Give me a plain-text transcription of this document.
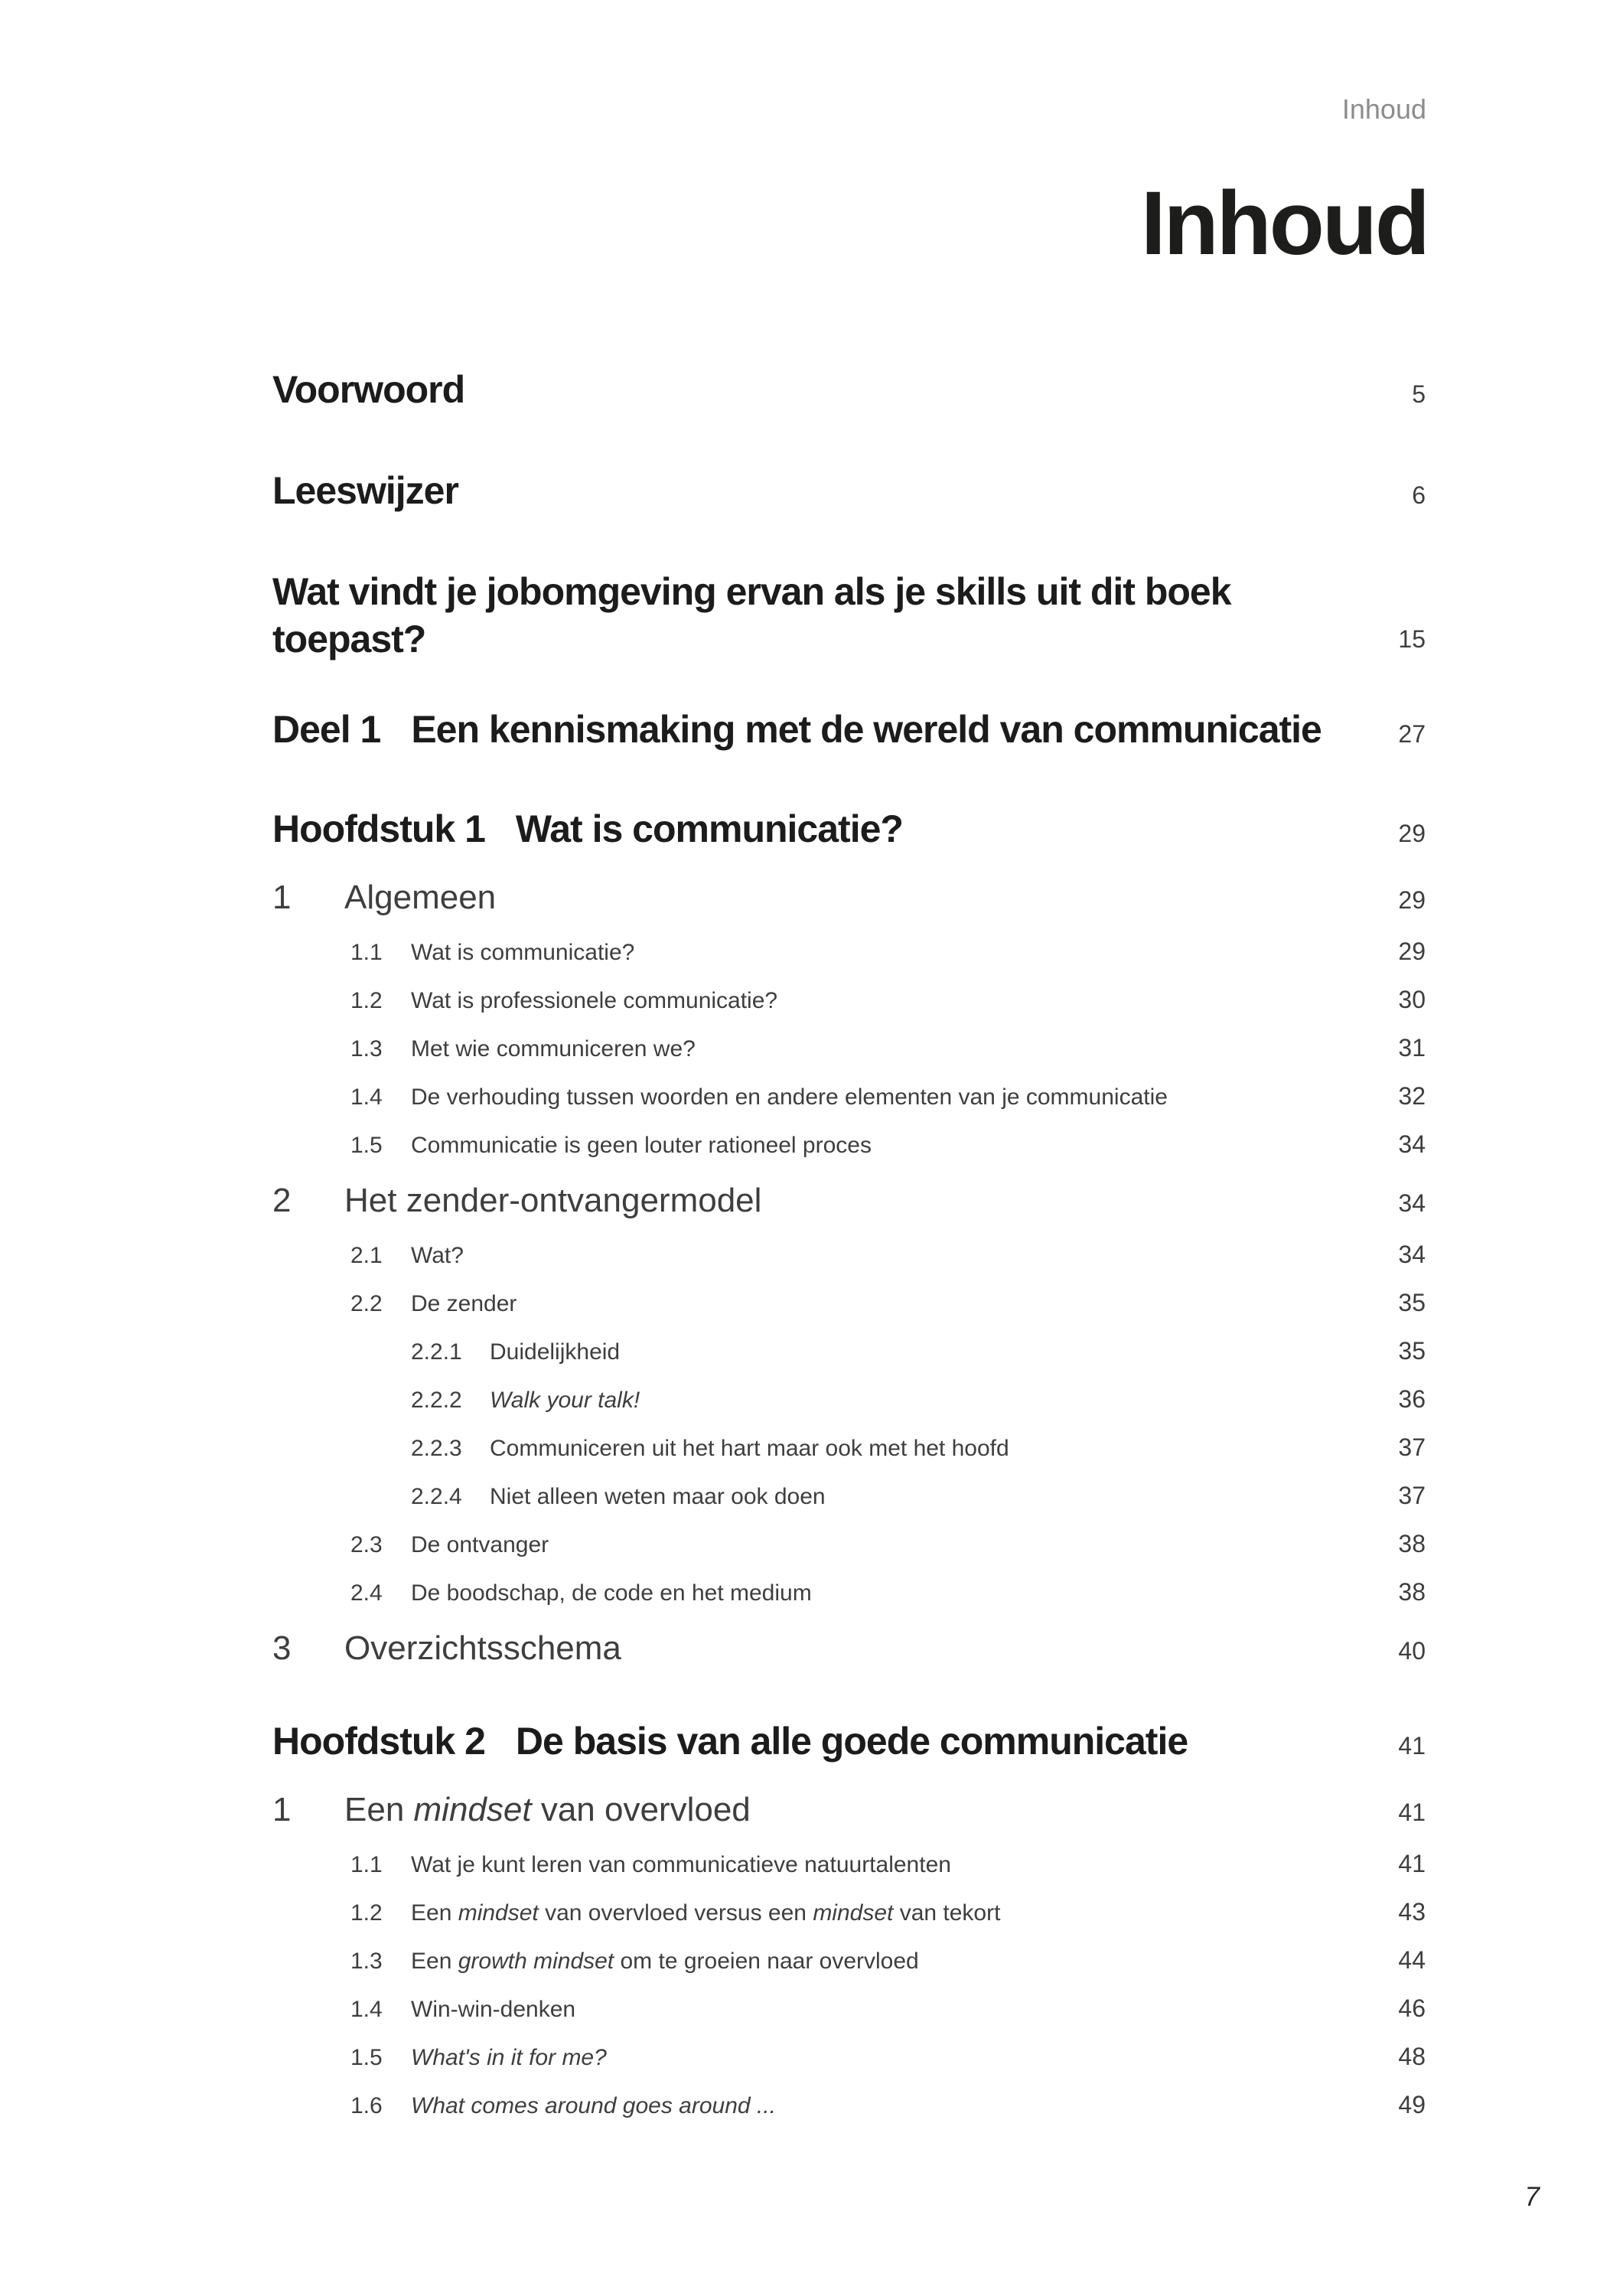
Inhoud
Inhoud
Voorwoord	5
Leeswijzer	6
Wat vindt je jobomgeving ervan als je skills uit dit boek
toepast?	15
Deel 1 Een kennismaking met de wereld van communicatie	27
Hoofdstuk 1 Wat is communicatie?	29
1	Algemeen	29
1.1	Wat is communicatie?	29
1.2	Wat is professionele communicatie?	30
1.3	Met wie communiceren we?	31
1.4	De verhouding tussen woorden en andere elementen van je communicatie	32
1.5	Communicatie is geen louter rationeel proces	34
2	Het zender-ontvangermodel	34
2.1	Wat?	34
2.2	De zender	35
2.2.1	Duidelijkheid	35
2.2.2	Walk your talk!	36
2.2.3	Communiceren uit het hart maar ook met het hoofd	37
2.2.4	Niet alleen weten maar ook doen	37
2.3	De ontvanger	38
2.4	De boodschap, de code en het medium	38
3	Overzichtsschema	40
Hoofdstuk 2 De basis van alle goede communicatie	41
1	Een mindset van overvloed	41
1.1	Wat je kunt leren van communicatieve natuurtalenten	41
1.2	Een mindset van overvloed versus een mindset van tekort	43
1.3	Een growth mindset om te groeien naar overvloed	44
1.4	Win-win-denken	46
1.5	What's in it for me?	48
1.6	What comes around goes around ...	49
7
